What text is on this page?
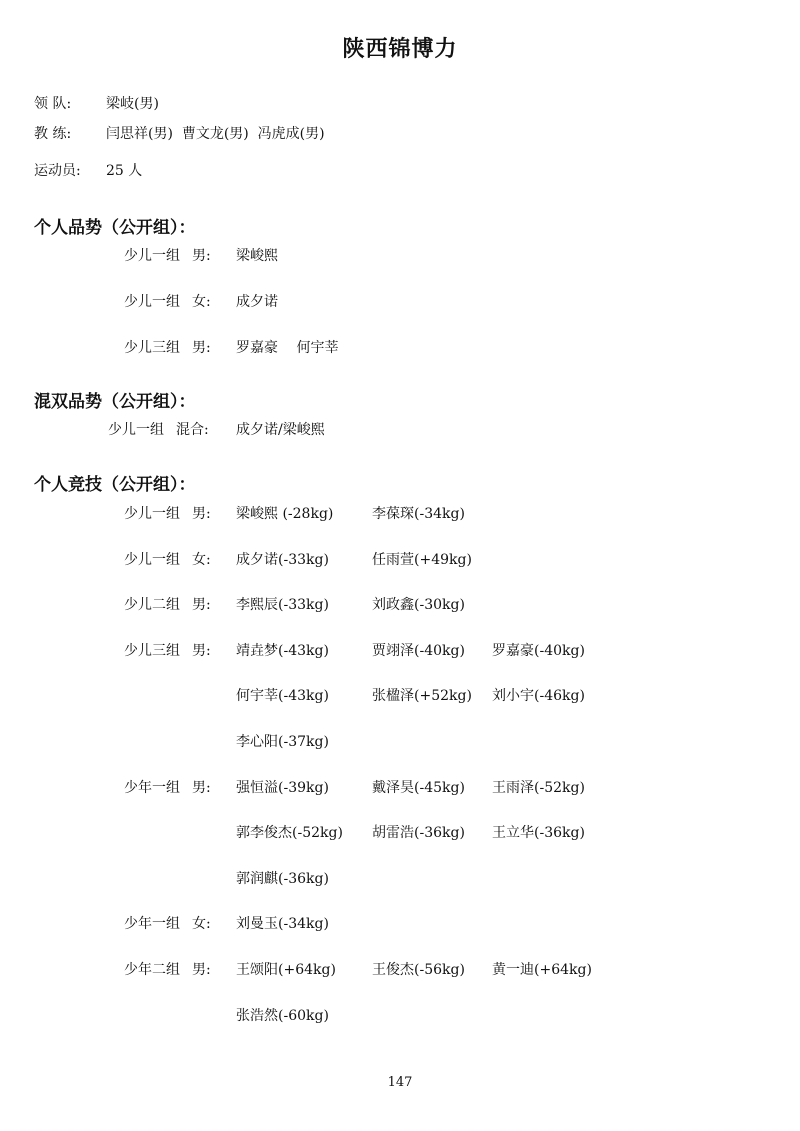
陕西锦博力
领 队: 梁岐(男)
教 练: 闫思祥(男)  曹文龙(男)  冯虎成(男)
运动员: 25 人
个人品势（公开组）：
少儿一组 男: 梁峻熙
少儿一组 女: 成夕诺
少儿三组 男: 罗嘉豪　 何宇莘
混双品势（公开组）：
少儿一组 混合: 成夕诺/梁峻熙
个人竞技（公开组）：
少儿一组 男: 梁峻熙 (-28kg)	李葆琛(-34kg)
少儿一组 女: 成夕诺(-33kg)	任雨萱(+49kg)
少儿二组 男: 李熙辰(-33kg)	刘政鑫(-30kg)
少儿三组 男: 靖垚梦(-43kg)	贾翊泽(-40kg) 罗嘉豪(-40kg)
何宇莘(-43kg)	张楹泽(+52kg) 刘小宇(-46kg)
李心阳(-37kg)
少年一组 男: 强恒溢(-39kg)	戴泽昊(-45kg) 王雨泽(-52kg)
郭李俊杰(-52kg) 胡雷浩(-36kg) 王立华(-36kg)
郭润麒(-36kg)
少年一组 女: 刘曼玉(-34kg)
少年二组 男: 王颂阳(+64kg)	王俊杰(-56kg) 黄一迪(+64kg)
张浩然(-60kg)
147
